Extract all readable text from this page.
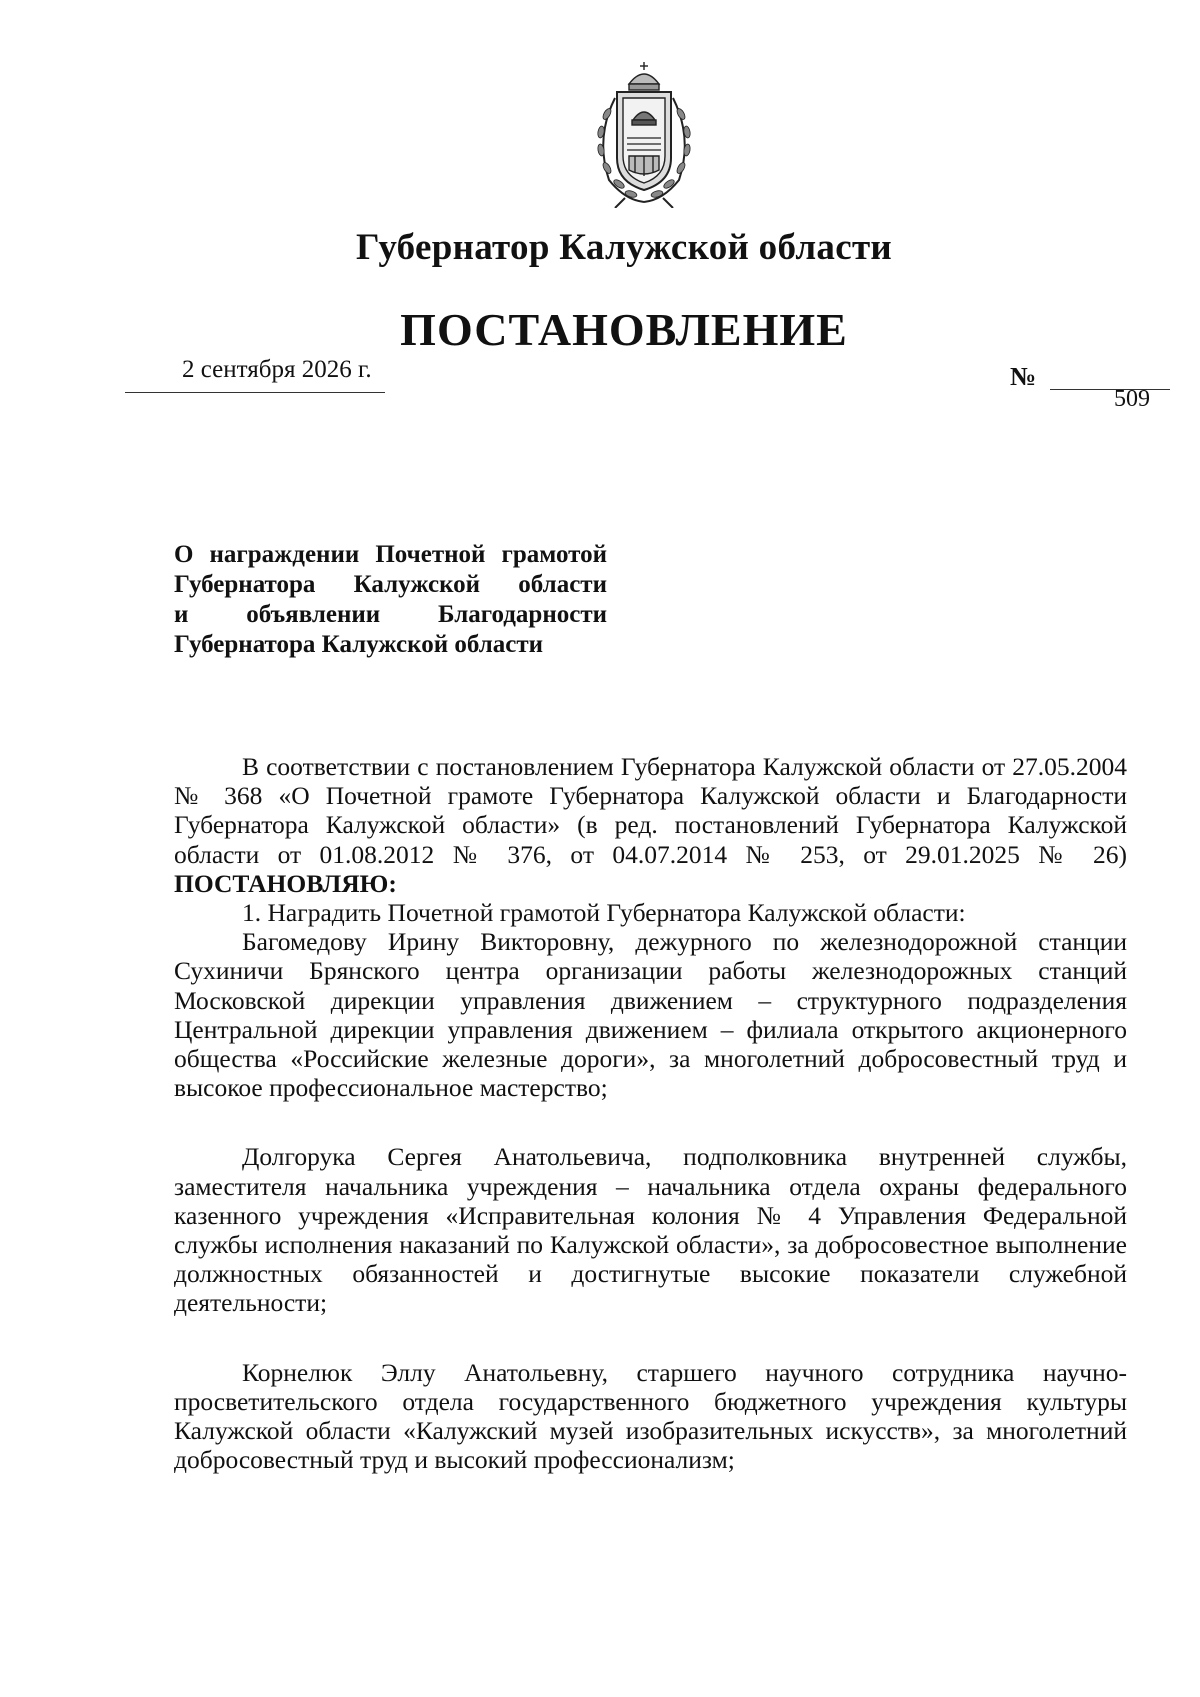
Губернатор Калужской области
ПОСТАНОВЛЕНИЕ
2 сентября 2026 г.	№
509
О награждении Почетной грамотой
Губернатора Калужской области
и объявлении Благодарности
Губернатора Калужской области

В соответствии с постановлением Губернатора Калужской области от 27.05.2004 № 368 «О Почетной грамоте Губернатора Калужской области и Благодарности Губернатора Калужской области» (в ред. постановлений Губернатора Калужской области от 01.08.2012 № 376, от 04.07.2014 № 253, от 29.01.2025 № 26) ПОСТАНОВЛЯЮ:

1. Наградить Почетной грамотой Губернатора Калужской области:

Багомедову Ирину Викторовну, дежурного по железнодорожной станции Сухиничи Брянского центра организации работы железнодорожных станций Московской дирекции управления движением – структурного подразделения Центральной дирекции управления движением – филиала открытого акционерного общества «Российские железные дороги», за многолетний добросовестный труд и высокое профессиональное мастерство;

Долгорука Сергея Анатольевича, подполковника внутренней службы, заместителя начальника учреждения – начальника отдела охраны федерального казенного учреждения «Исправительная колония № 4 Управления Федеральной службы исполнения наказаний по Калужской области», за добросовестное выполнение должностных обязанностей и достигнутые высокие показатели служебной деятельности;

Корнелюк Эллу Анатольевну, старшего научного сотрудника научно-просветительского отдела государственного бюджетного учреждения культуры Калужской области «Калужский музей изобразительных искусств», за многолетний добросовестный труд и высокий профессионализм;
